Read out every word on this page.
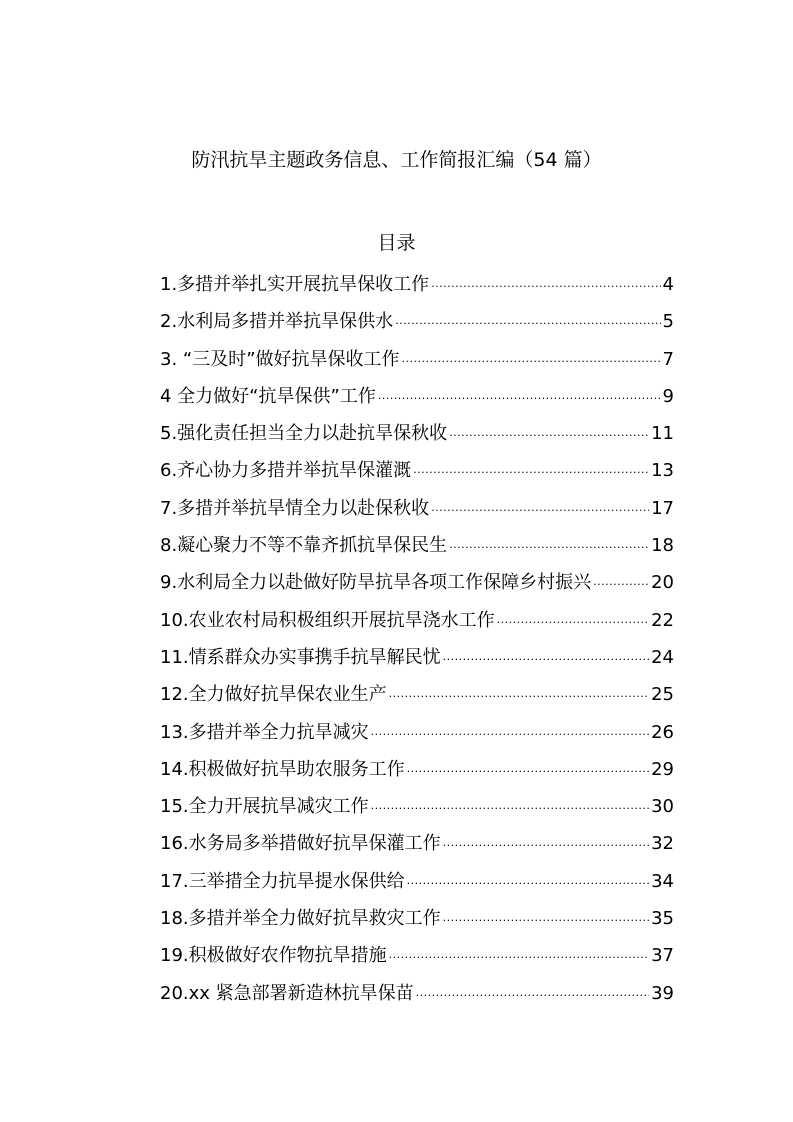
防汛抗旱主题政务信息、工作简报汇编（54 篇）
目录
1.多措并举扎实开展抗旱保收工作 ·····	4
2.水利局多措并举抗旱保供水 ·····	5
3. “三及时”做好抗旱保收工作 ·····	7
4 全力做好“抗旱保供”工作 ·····	9
5.强化责任担当全力以赴抗旱保秋收 ·····	11
6.齐心协力多措并举抗旱保灌溉 ·····	13
7.多措并举抗旱情全力以赴保秋收 ·····	17
8.凝心聚力不等不靠齐抓抗旱保民生 ·····	18
9.水利局全力以赴做好防旱抗旱各项工作保障乡村振兴 ·····	20
10.农业农村局积极组织开展抗旱浇水工作 ·····	22
11.情系群众办实事携手抗旱解民忧 ·····	24
12.全力做好抗旱保农业生产 ·····	25
13.多措并举全力抗旱减灾 ·····	26
14.积极做好抗旱助农服务工作 ·····	29
15.全力开展抗旱减灾工作 ·····	30
16.水务局多举措做好抗旱保灌工作 ·····	32
17.三举措全力抗旱提水保供给 ·····	34
18.多措并举全力做好抗旱救灾工作 ·····	35
19.积极做好农作物抗旱措施 ·····	37
20.xx 紧急部署新造林抗旱保苗 ·····	39
